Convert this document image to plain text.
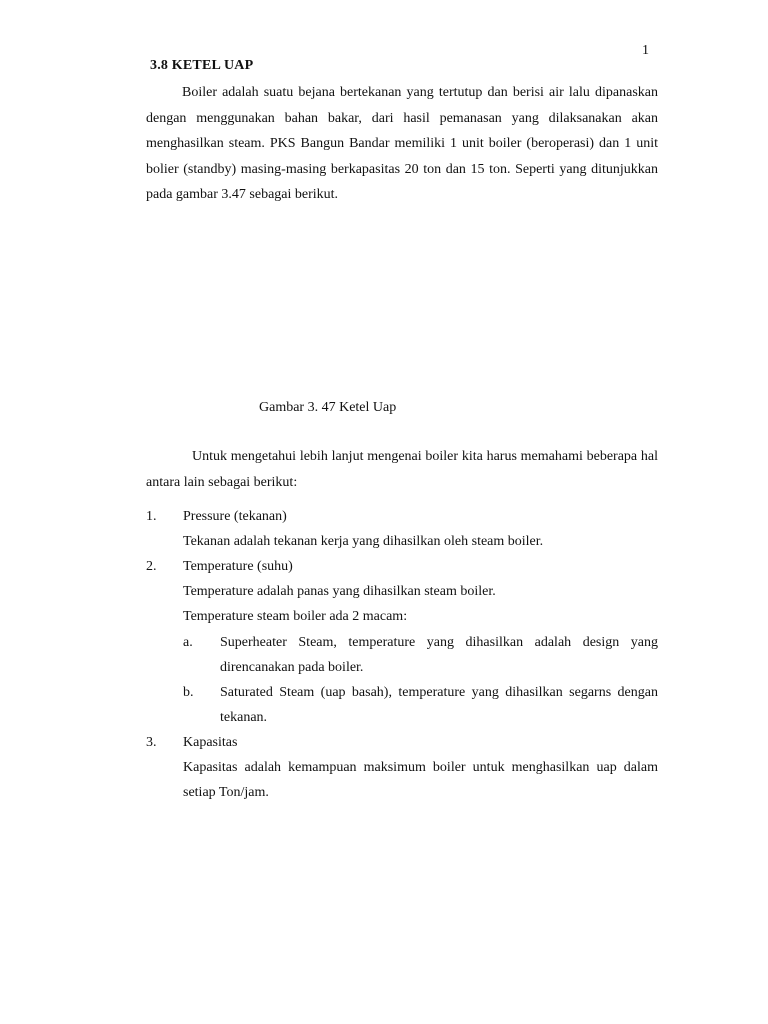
1
3.8 KETEL UAP

Boiler adalah suatu bejana bertekanan yang tertutup dan berisi air lalu dipanaskan dengan menggunakan bahan bakar, dari hasil pemanasan yang dilaksanakan akan menghasilkan steam. PKS Bangun Bandar memiliki 1 unit boiler (beroperasi) dan 1 unit bolier (standby) masing-masing berkapasitas 20 ton dan 15 ton. Seperti yang ditunjukkan pada gambar 3.47 sebagai berikut.

Gambar 3. 47 Ketel Uap

Untuk mengetahui lebih lanjut mengenai boiler kita harus memahami beberapa hal antara lain sebagai berikut:

1. Pressure (tekanan)

Tekanan adalah tekanan kerja yang dihasilkan oleh steam boiler.

2. Temperature (suhu)

Temperature adalah panas yang dihasilkan steam boiler.

Temperature steam boiler ada 2 macam:

a. Superheater Steam, temperature yang dihasilkan adalah design yang direncanakan pada boiler.

b. Saturated Steam (uap basah), temperature yang dihasilkan segarns dengan tekanan.

3. Kapasitas

Kapasitas adalah kemampuan maksimum boiler untuk menghasilkan uap dalam setiap Ton/jam.
